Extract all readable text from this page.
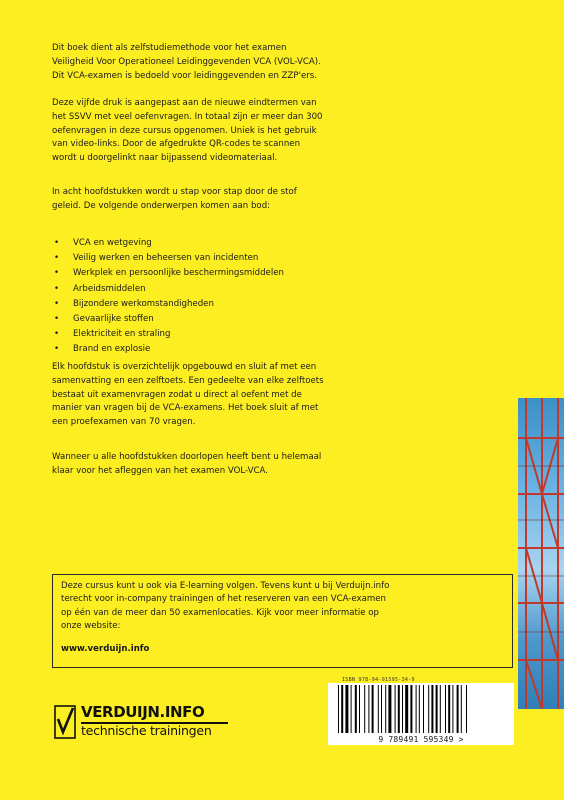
Dit boek dient als zelfstudiemethode voor het examen
Veiligheid Voor Operationeel Leidinggevenden VCA (VOL-VCA).
Dit VCA-examen is bedoeld voor leidinggevenden en ZZP'ers.

Deze vijfde druk is aangepast aan de nieuwe eindtermen van
het SSVV met veel oefenvragen. In totaal zijn er meer dan 300
oefenvragen in deze cursus opgenomen. Uniek is het gebruik
van video-links. Door de afgedrukte QR-codes te scannen
wordt u doorgelinkt naar bijpassend videomateriaal.

In acht hoofdstukken wordt u stap voor stap door de stof
geleid. De volgende onderwerpen komen aan bod:

• VCA en wetgeving
• Veilig werken en beheersen van incidenten
• Werkplek en persoonlijke beschermingsmiddelen
• Arbeidsmiddelen
• Bijzondere werkomstandigheden
• Gevaarlijke stoffen
• Elektriciteit en straling
• Brand en explosie

Elk hoofdstuk is overzichtelijk opgebouwd en sluit af met een
samenvatting en een zelftoets. Een gedeelte van elke zelftoets
bestaat uit examenvragen zodat u direct al oefent met de
manier van vragen bij de VCA-examens. Het boek sluit af met
een proefexamen van 70 vragen.

Wanneer u alle hoofdstukken doorlopen heeft bent u helemaal
klaar voor het afleggen van het examen VOL-VCA.

Deze cursus kunt u ook via E-learning volgen. Tevens kunt u bij Verduijn.info
terecht voor in-company trainingen of het reserveren van een VCA-examen
op één van de meer dan 50 examenlocaties. Kijk voor meer informatie op
onze website:

www.verduijn.info
ISBN 978-94-91595-34-9
9 789491 595349 >
VERDUIJN.INFO
technische trainingen
